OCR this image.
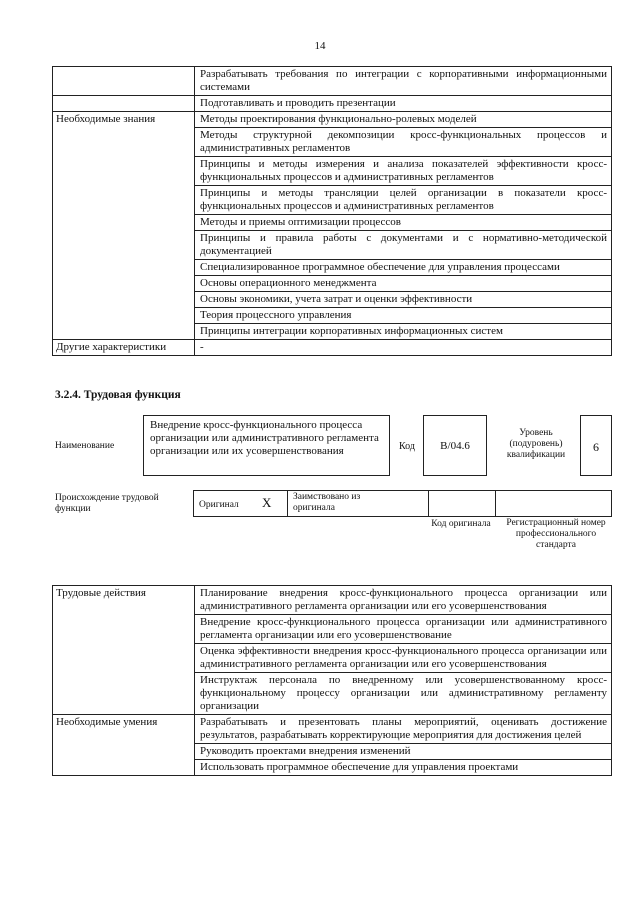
14
	Разрабатывать требования по интеграции с корпоративными информационными системами
	Подготавливать и проводить презентации
Необходимые знания	Методы проектирования функционально-ролевых моделей
	Методы структурной декомпозиции кросс-функциональных процессов и административных регламентов
	Принципы и методы измерения и анализа показателей эффективности кросс-функциональных процессов и административных регламентов
	Принципы и методы трансляции целей организации в показатели кросс-функциональных процессов и административных регламентов
	Методы и приемы оптимизации процессов
	Принципы и правила работы с документами и с нормативно-методической документацией
	Специализированное программное обеспечение для управления процессами
	Основы операционного менеджмента
	Основы экономики, учета затрат и оценки эффективности
	Теория процессного управления
	Принципы интеграции корпоративных информационных систем
Другие характеристики	-
3.2.4. Трудовая функция
Наименование
Внедрение кросс-функционального процесса организации или административного регламента организации или их усовершенствования	Код	B/04.6
Уровень (подуровень) квалификации
6
Происхождение трудовой функции	Оригинал X Заимствовано из оригинала
Код оригинала	Регистрационный номер профессионального стандарта
Трудовые действия	Планирование внедрения кросс-функционального процесса организации или административного регламента организации или его усовершенствования
	Внедрение кросс-функционального процесса организации или административного регламента организации или его усовершенствование
	Оценка эффективности внедрения кросс-функционального процесса организации или административного регламента организации или его усовершенствования
	Инструктаж персонала по внедренному или усовершенствованному кросс-функциональному процессу организации или административному регламенту организации
Необходимые умения	Разрабатывать и презентовать планы мероприятий, оценивать достижение результатов, разрабатывать корректирующие мероприятия для достижения целей
	Руководить проектами внедрения изменений
	Использовать программное обеспечение для управления проектами
